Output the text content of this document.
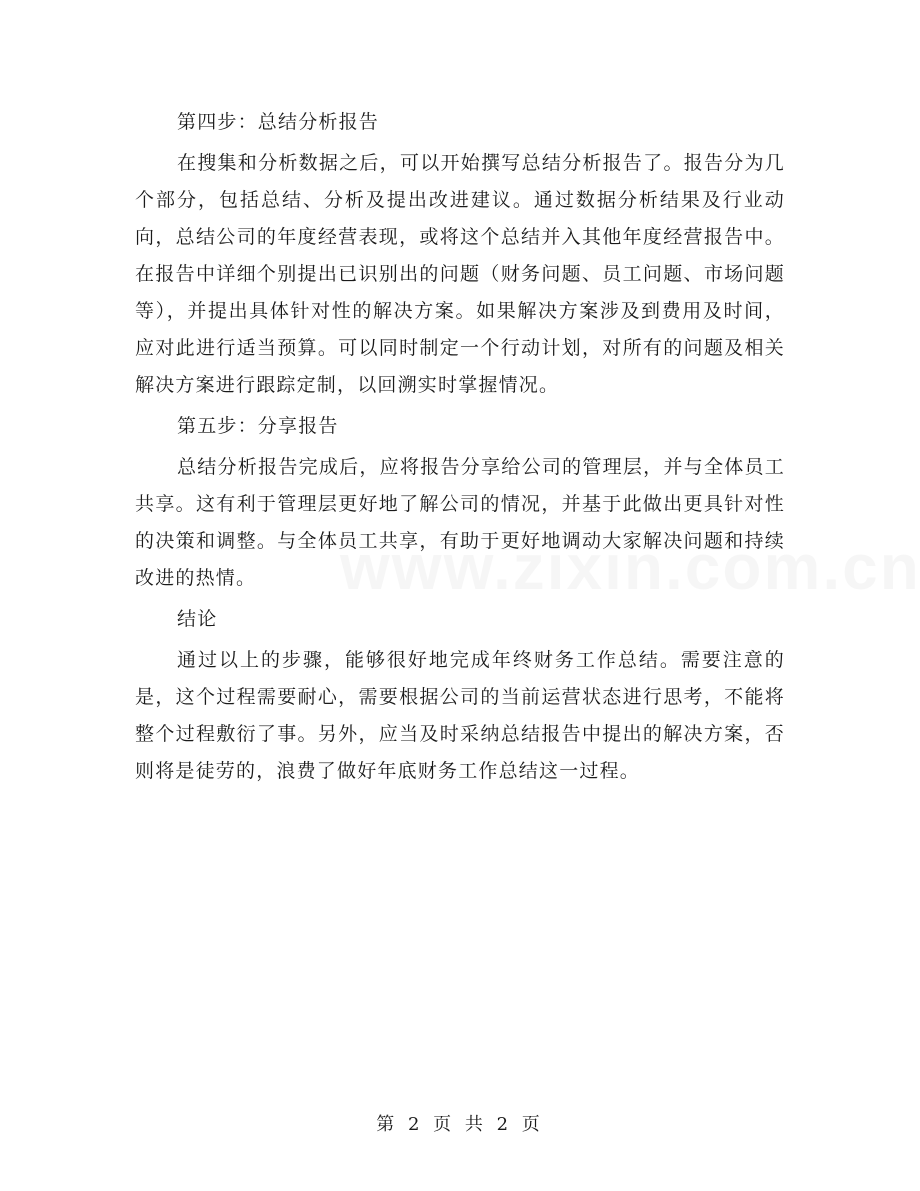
第四步：总结分析报告

在搜集和分析数据之后，可以开始撰写总结分析报告了。报告分为几个部分，包括总结、分析及提出改进建议。通过数据分析结果及行业动向，总结公司的年度经营表现，或将这个总结并入其他年度经营报告中。在报告中详细个别提出已识别出的问题（财务问题、员工问题、市场问题等），并提出具体针对性的解决方案。如果解决方案涉及到费用及时间，应对此进行适当预算。可以同时制定一个行动计划，对所有的问题及相关解决方案进行跟踪定制，以回溯实时掌握情况。

第五步：分享报告

总结分析报告完成后，应将报告分享给公司的管理层，并与全体员工共享。这有利于管理层更好地了解公司的情况，并基于此做出更具针对性的决策和调整。与全体员工共享，有助于更好地调动大家解决问题和持续改进的热情。

结论

通过以上的步骤，能够很好地完成年终财务工作总结。需要注意的是，这个过程需要耐心，需要根据公司的当前运营状态进行思考，不能将整个过程敷衍了事。另外，应当及时采纳总结报告中提出的解决方案，否则将是徒劳的，浪费了做好年底财务工作总结这一过程。

第 2 页 共 2 页
